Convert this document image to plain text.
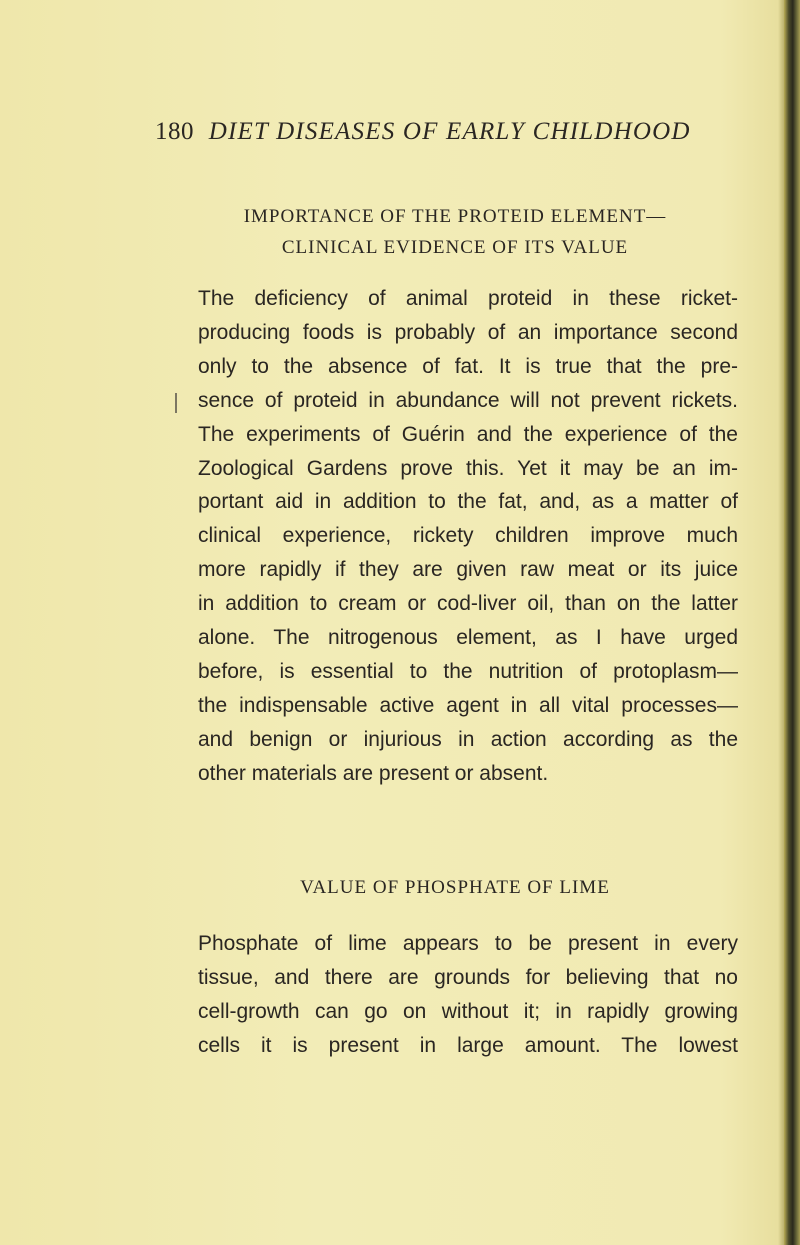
180 DIET DISEASES OF EARLY CHILDHOOD
IMPORTANCE OF THE PROTEID ELEMENT—
CLINICAL EVIDENCE OF ITS VALUE
The deficiency of animal proteid in these ricket-
producing foods is probably of an importance second
only to the absence of fat. It is true that the pre-
sence of proteid in abundance will not prevent rickets.
The experiments of Guérin and the experience of the
Zoological Gardens prove this. Yet it may be an im-
portant aid in addition to the fat, and, as a matter of
clinical experience, rickety children improve much
more rapidly if they are given raw meat or its juice
in addition to cream or cod-liver oil, than on the latter
alone. The nitrogenous element, as I have urged
before, is essential to the nutrition of protoplasm—
the indispensable active agent in all vital processes—
and benign or injurious in action according as the
other materials are present or absent.
VALUE OF PHOSPHATE OF LIME
Phosphate of lime appears to be present in every
tissue, and there are grounds for believing that no
cell-growth can go on without it; in rapidly growing
cells it is present in large amount. The lowest
